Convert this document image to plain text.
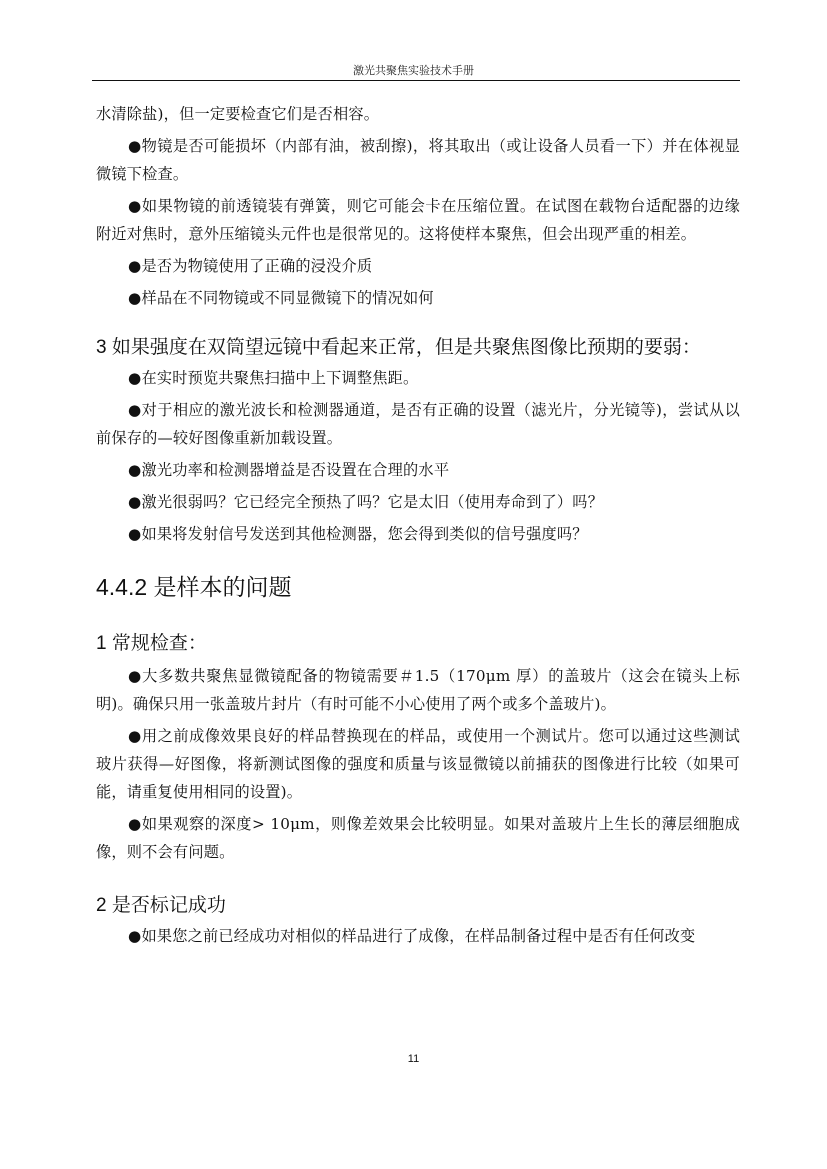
激光共聚焦实验技术手册

水清除盐)，但一定要检查它们是否相容。

●物镜是否可能损坏（内部有油，被刮擦)，将其取出（或让设备人员看一下）并在体视显微镜下检查。

●如果物镜的前透镜装有弹簧，则它可能会卡在压缩位置。在试图在载物台适配器的边缘附近对焦时，意外压缩镜头元件也是很常见的。这将使样本聚焦，但会出现严重的相差。

●是否为物镜使用了正确的浸没介质

●样品在不同物镜或不同显微镜下的情况如何

3 如果强度在双筒望远镜中看起来正常，但是共聚焦图像比预期的要弱：

●在实时预览共聚焦扫描中上下调整焦距。

●对于相应的激光波长和检测器通道，是否有正确的设置（滤光片，分光镜等)，尝试从以前保存的—较好图像重新加载设置。

●激光功率和检测器增益是否设置在合理的水平

●激光很弱吗？它已经完全预热了吗？它是太旧（使用寿命到了）吗？

●如果将发射信号发送到其他检测器，您会得到类似的信号强度吗？

4.4.2 是样本的问题
1 常规检查：

●大多数共聚焦显微镜配备的物镜需要＃1.5（170μm 厚）的盖玻片（这会在镜头上标明)。确保只用一张盖玻片封片（有时可能不小心使用了两个或多个盖玻片)。

●用之前成像效果良好的样品替换现在的样品，或使用一个测试片。您可以通过这些测试玻片获得—好图像，将新测试图像的强度和质量与该显微镜以前捕获的图像进行比较（如果可能，请重复使用相同的设置)。

●如果观察的深度> 10μm，则像差效果会比较明显。如果对盖玻片上生长的薄层细胞成像，则不会有问题。

2 是否标记成功

●如果您之前已经成功对相似的样品进行了成像，在样品制备过程中是否有任何改变

11
